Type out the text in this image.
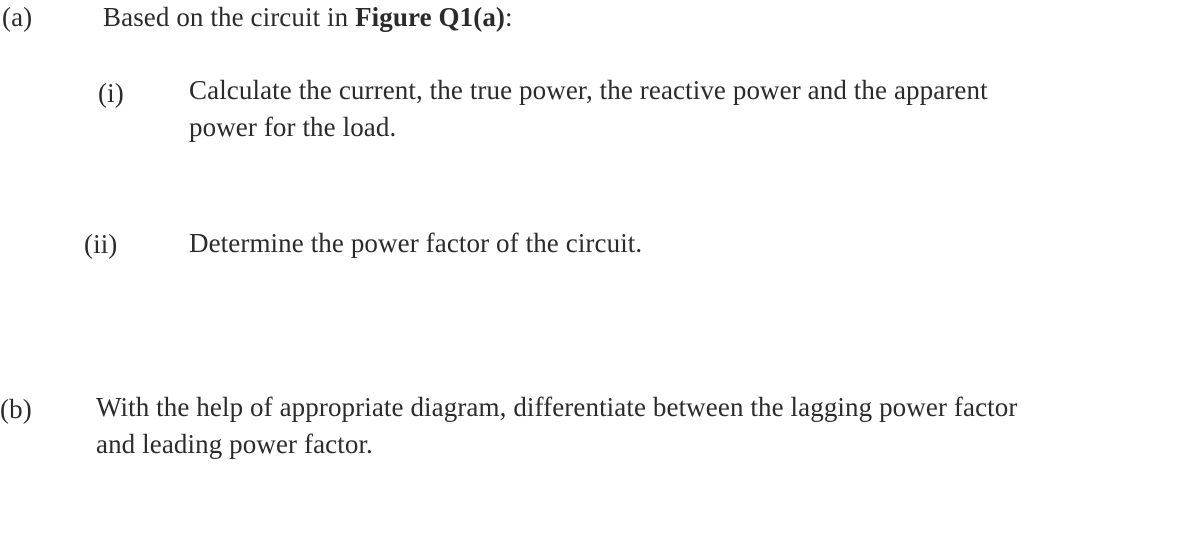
(a)	Based on the circuit in Figure Q1(a):
(i) Calculate the current, the true power, the reactive power and the apparent
power for the load.
(ii)	Determine the power factor of the circuit.
(b) With the help of appropriate diagram, differentiate between the lagging power factor
and leading power factor.
